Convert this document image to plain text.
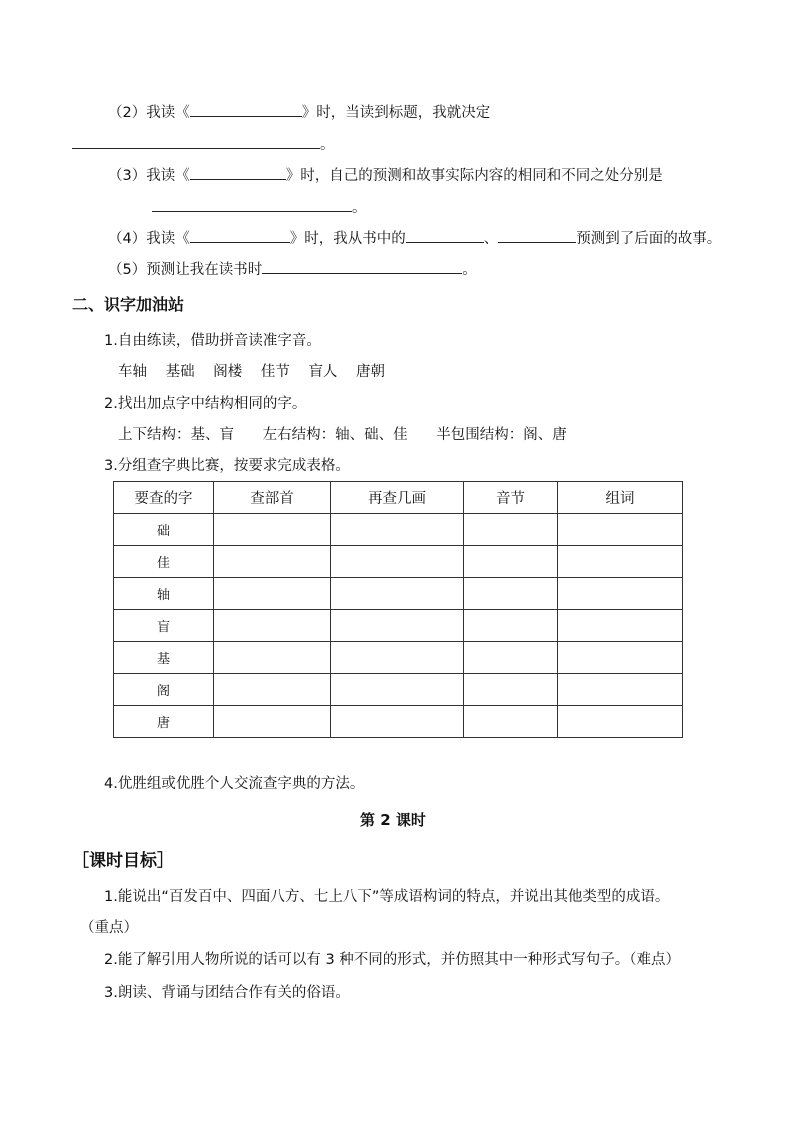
（2）我读《	》时，当读到标题，我就决定
。
（3）我读《	》时，自己的预测和故事实际内容的相同和不同之处分别是
。
（4）我读《	》时，我从书中的	、	预测到了后面的故事。
（5）预测让我在读书时	。
二、识字加油站
1.自由练读，借助拼音读准字音。
车轴 基础 阁楼 佳节 盲人 唐朝
2.找出加点字中结构相同的字。
上下结构：基、盲 左右结构：轴、础、佳 半包围结构：阁、唐
3.分组查字典比赛，按要求完成表格。
要查的字	查部首	再查几画	音节	组词
础				
佳				
轴				
盲				
基				
阁				
唐				
4.优胜组或优胜个人交流查字典的方法。
第 2 课时
［课时目标］
1.能说出“百发百中、四面八方、七上八下”等成语构词的特点，并说出其他类型的成语。
（重点）
2.能了解引用人物所说的话可以有 3 种不同的形式，并仿照其中一种形式写句子。（难点）
3.朗读、背诵与团结合作有关的俗语。
